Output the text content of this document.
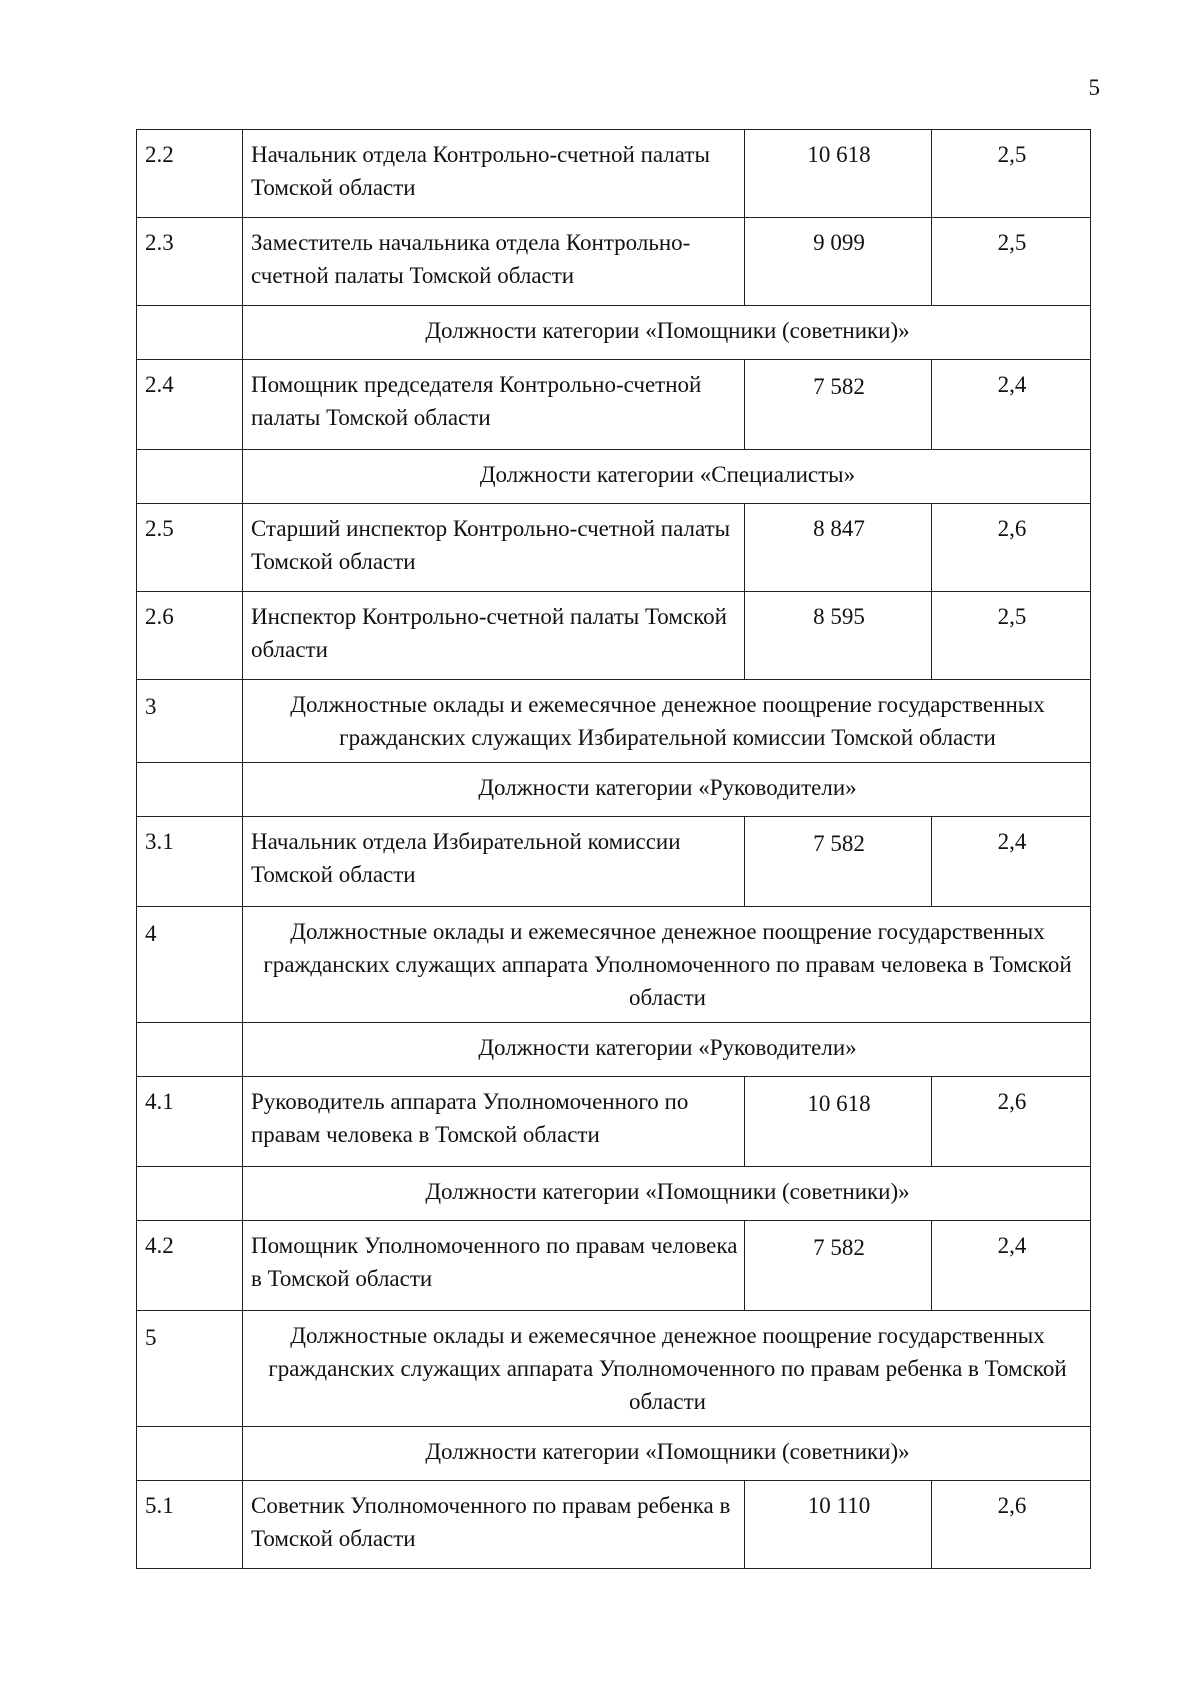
5
2.2	Начальник отдела Контрольно-счетной палаты Томской области	10 618	2,5
2.3	Заместитель начальника отдела Контрольно-счетной палаты Томской области	9 099	2,5
	Должности категории «Помощники (советники)»		
2.4	Помощник председателя Контрольно-счетной палаты Томской области	7 582	2,4
	Должности категории «Специалисты»		
2.5	Старший инспектор Контрольно-счетной палаты Томской области	8 847	2,6
2.6	Инспектор Контрольно-счетной палаты Томской области	8 595	2,5
3	Должностные оклады и ежемесячное денежное поощрение государственных гражданских служащих Избирательной комиссии Томской области		
	Должности категории «Руководители»		
3.1	Начальник отдела Избирательной комиссии Томской области	7 582	2,4
4	Должностные оклады и ежемесячное денежное поощрение государственных гражданских служащих аппарата Уполномоченного по правам человека в Томской области		
	Должности категории «Руководители»		
4.1	Руководитель аппарата Уполномоченного по правам человека в Томской области	10 618	2,6
	Должности категории «Помощники (советники)»		
4.2	Помощник Уполномоченного по правам человека в Томской области	7 582	2,4
5	Должностные оклады и ежемесячное денежное поощрение государственных гражданских служащих аппарата Уполномоченного по правам ребенка в Томской области		
	Должности категории «Помощники (советники)»		
5.1	Советник Уполномоченного по правам ребенка в Томской области	10 110	2,6
